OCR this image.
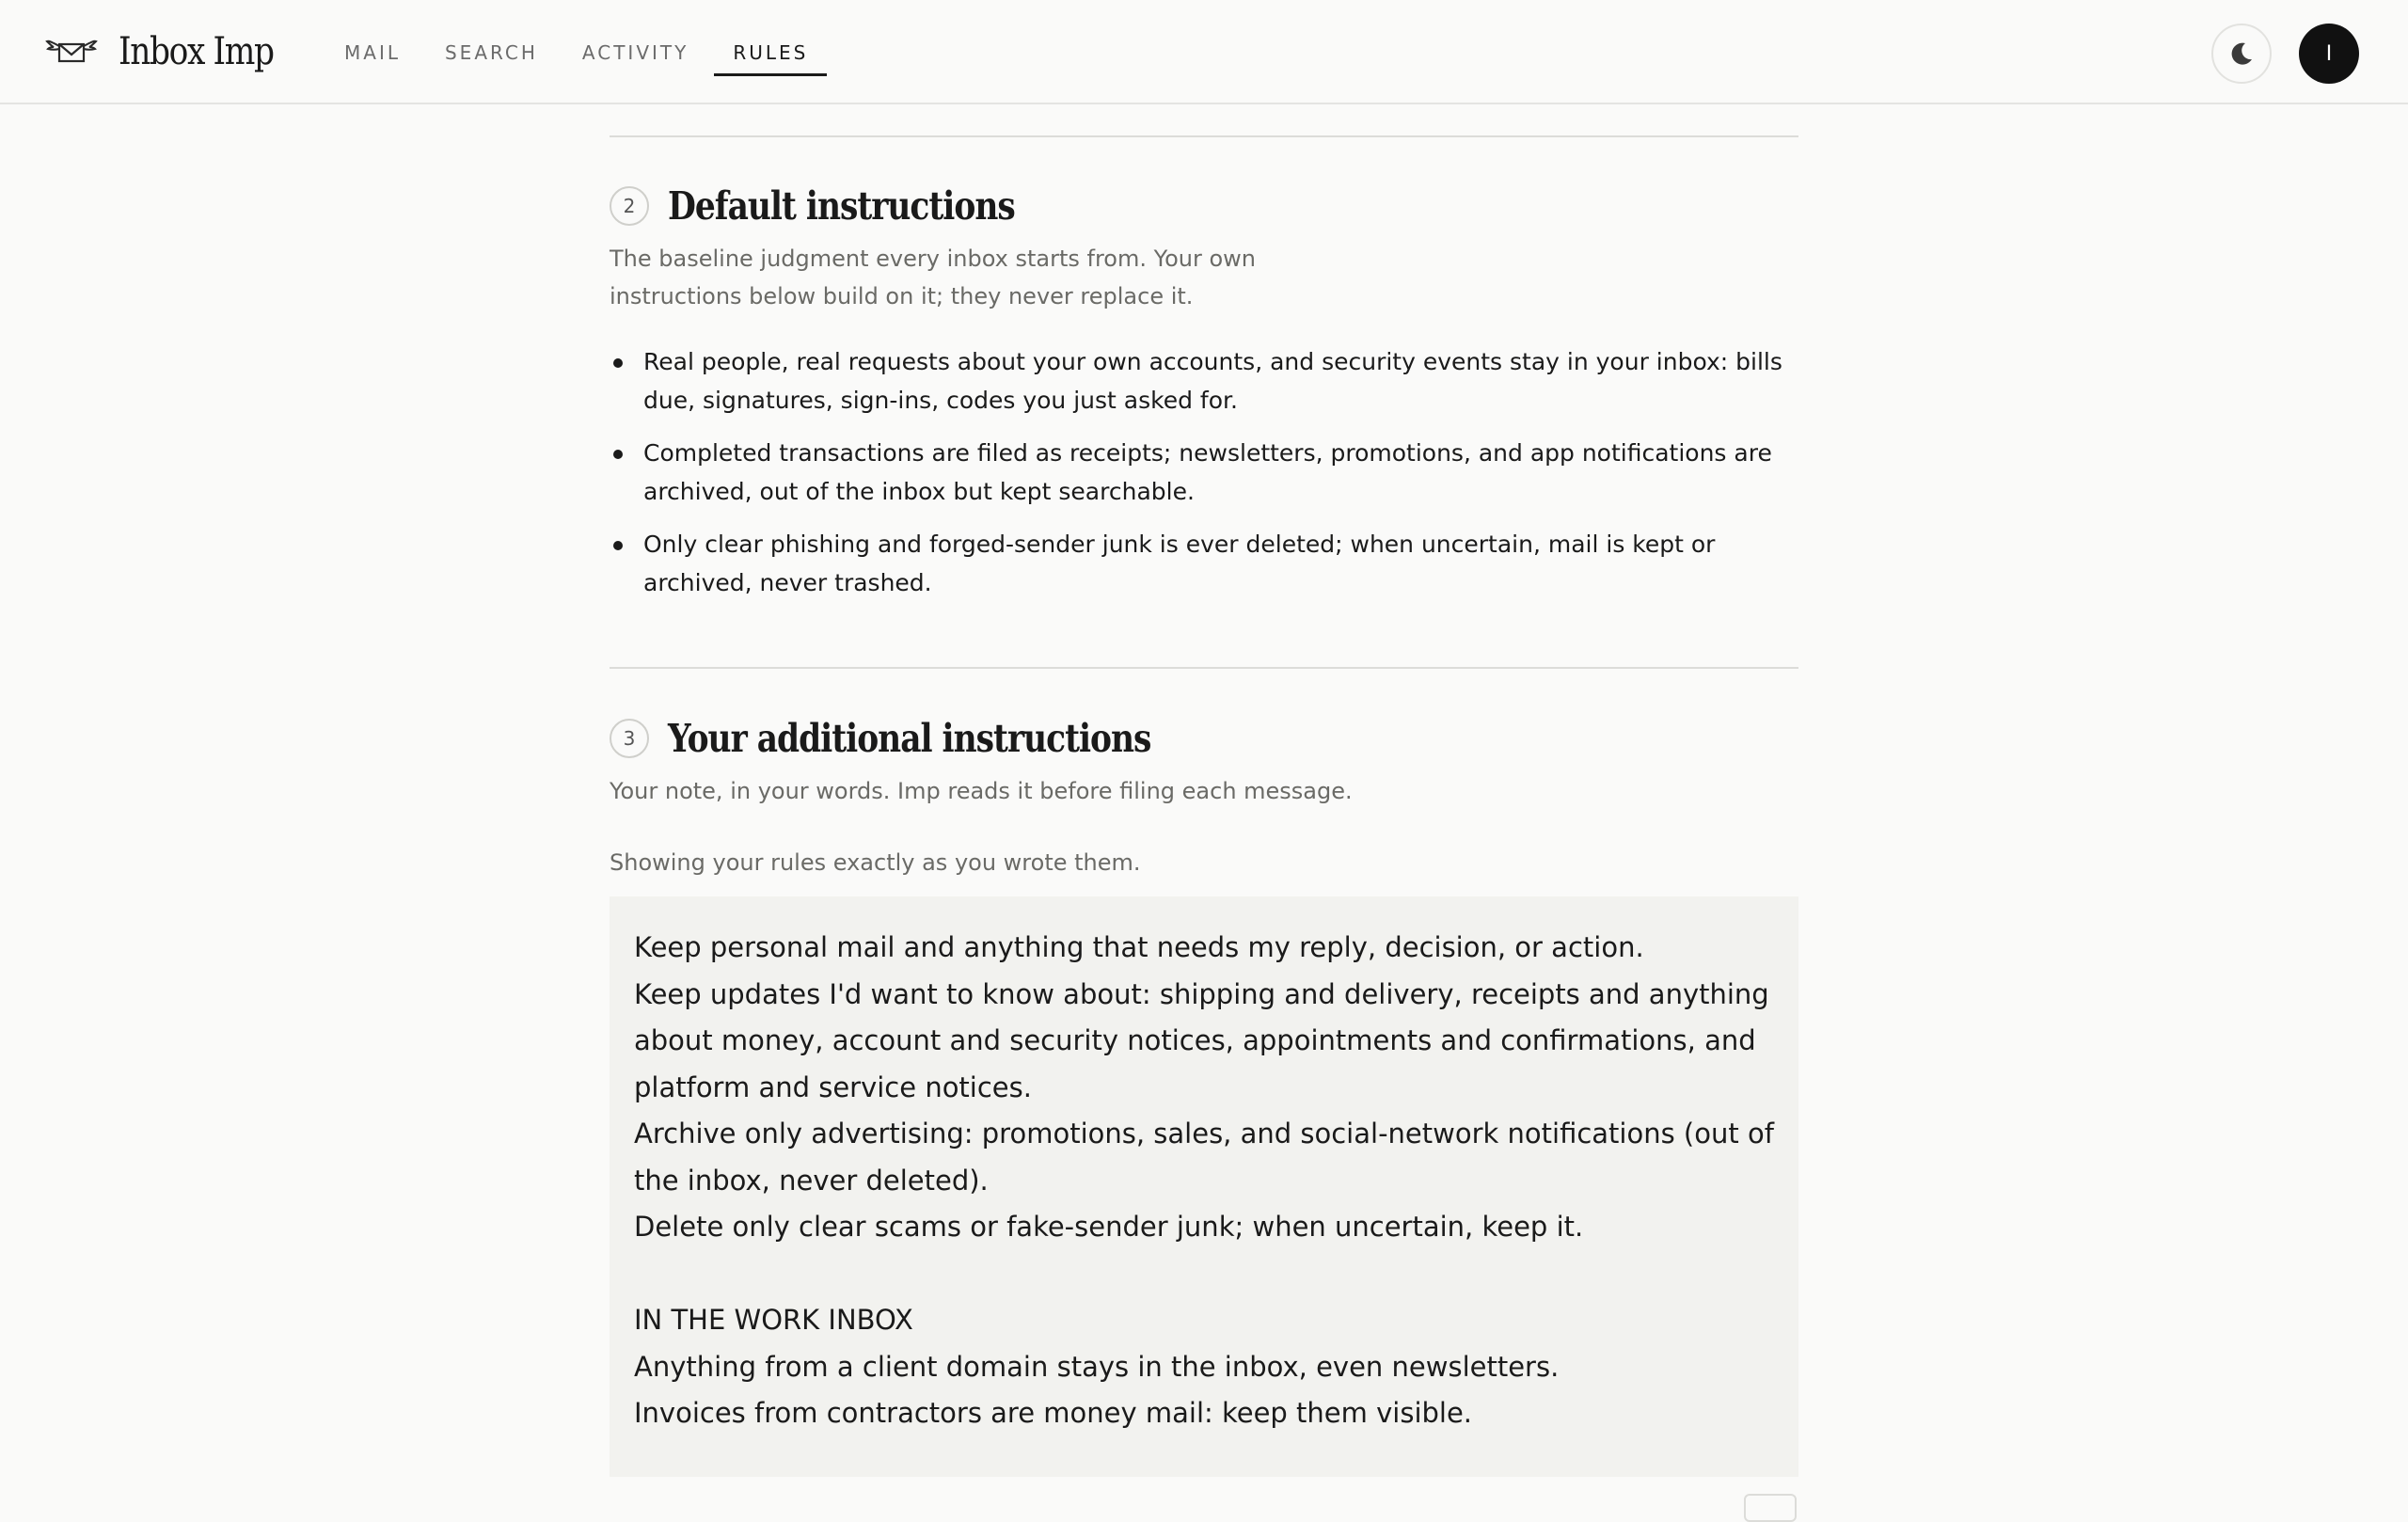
Inbox Imp	MAIL SEARCH ACTIVITY RULES	I
2 Default instructions

The baseline judgment every inbox starts from. Your own instructions below build on it; they never replace it.

Real people, real requests about your own accounts, and security events stay in your inbox: bills due, signatures, sign-ins, codes you just asked for.
Completed transactions are filed as receipts; newsletters, promotions, and app notifications are archived, out of the inbox but kept searchable.
Only clear phishing and forged-sender junk is ever deleted; when uncertain, mail is kept or archived, never trashed.
3 Your additional instructions

Your note, in your words. Imp reads it before filing each message.

Showing your rules exactly as you wrote them.

Keep personal mail and anything that needs my reply, decision, or action.
Keep updates I'd want to know about: shipping and delivery, receipts and anything about money, account and security notices, appointments and confirmations, and platform and service notices.
Archive only advertising: promotions, sales, and social-network notifications (out of the inbox, never deleted).
Delete only clear scams or fake-sender junk; when uncertain, keep it.
IN THE WORK INBOX
Anything from a client domain stays in the inbox, even newsletters.
Invoices from contractors are money mail: keep them visible.
